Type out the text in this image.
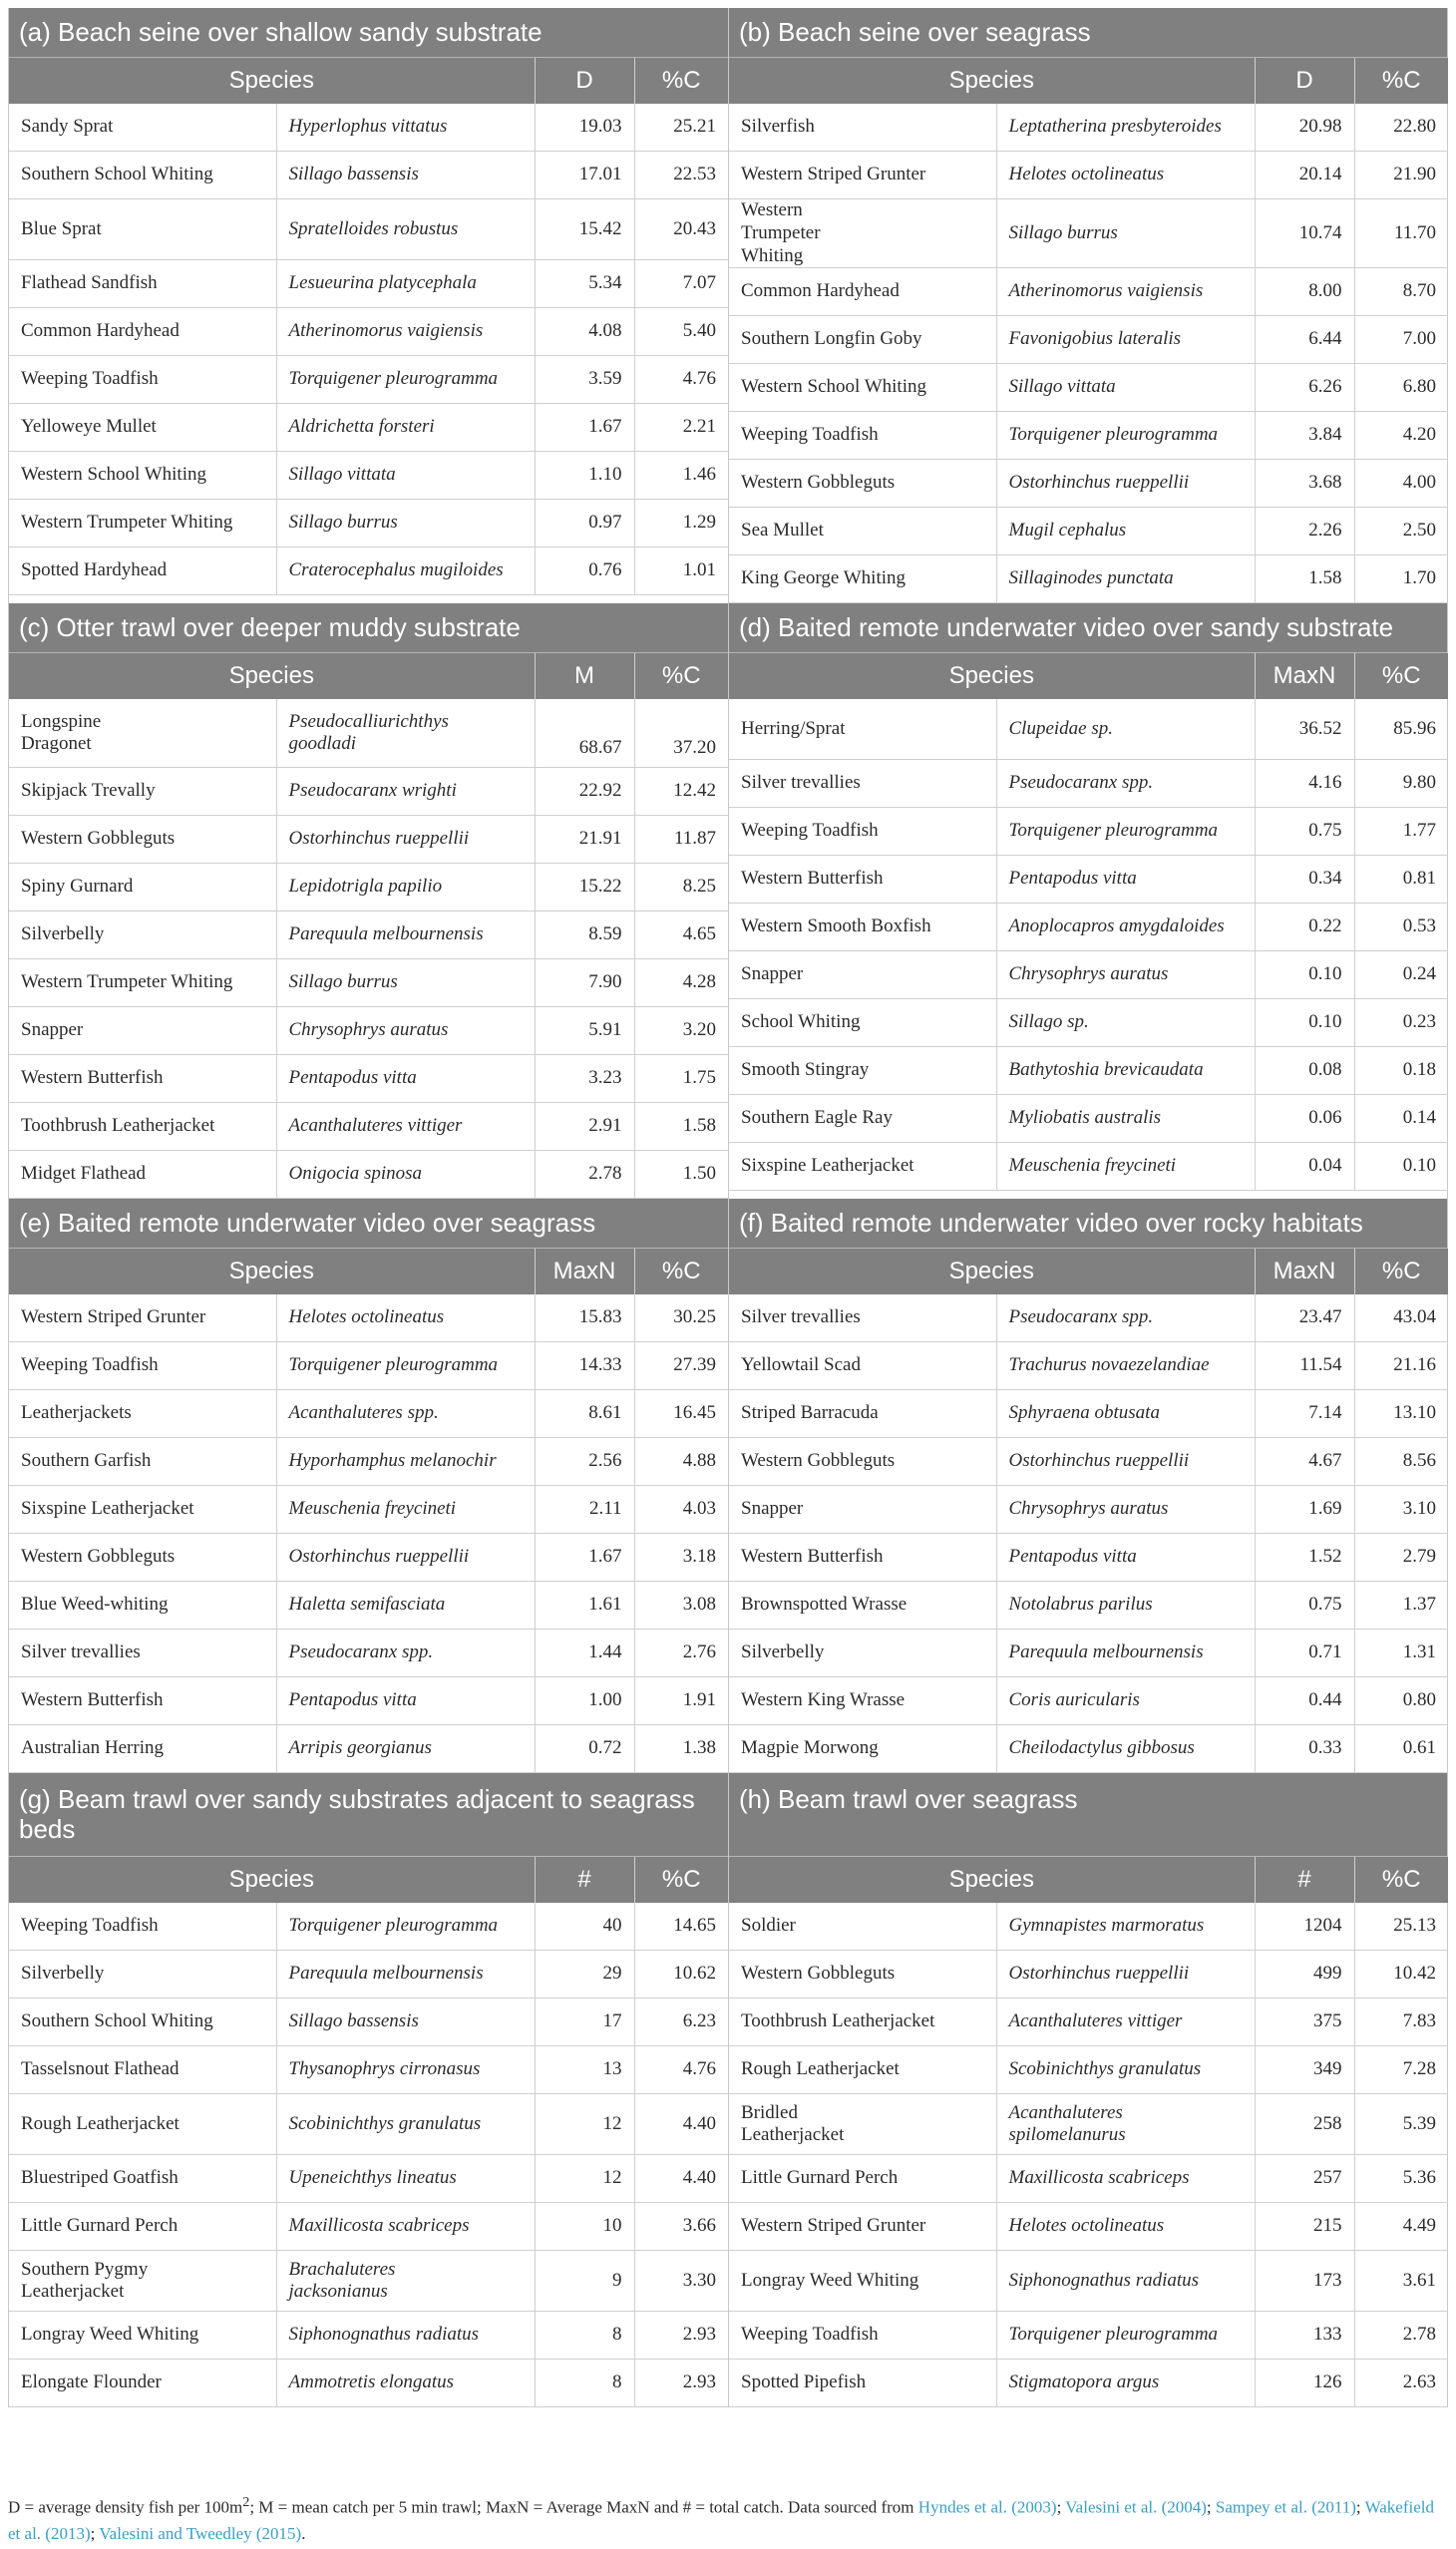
(a) Beach seine over shallow sandy substrate
Species		D	%C
Sandy Sprat	Hyperlophus vittatus	19.03	25.21
Southern School Whiting	Sillago bassensis	17.01	22.53
Blue Sprat	Spratelloides robustus	15.42	20.43
Flathead Sandfish	Lesueurina platycephala	5.34	7.07
Common Hardyhead	Atherinomorus vaigiensis	4.08	5.40
Weeping Toadfish	Torquigener pleurogramma	3.59	4.76
Yelloweye Mullet	Aldrichetta forsteri	1.67	2.21
Western School Whiting	Sillago vittata	1.10	1.46
Western Trumpeter Whiting	Sillago burrus	0.97	1.29
Spotted Hardyhead	Craterocephalus mugiloides	0.76	1.01
(b) Beach seine over seagrass
Species		D	%C
Silverfish	Leptatherina presbyteroides	20.98	22.80
Western Striped Grunter	Helotes octolineatus	20.14	21.90
Western Trumpeter Whiting	Sillago burrus	10.74	11.70
Common Hardyhead	Atherinomorus vaigiensis	8.00	8.70
Southern Longfin Goby	Favonigobius lateralis	6.44	7.00
Western School Whiting	Sillago vittata	6.26	6.80
Weeping Toadfish	Torquigener pleurogramma	3.84	4.20
Western Gobbleguts	Ostorhinchus rueppellii	3.68	4.00
Sea Mullet	Mugil cephalus	2.26	2.50
King George Whiting	Sillaginodes punctata	1.58	1.70
(c) Otter trawl over deeper muddy substrate
Species		M	%C
Longspine Dragonet	Pseudocalliurichthys goodladi	68.67	37.20
Skipjack Trevally	Pseudocaranx wrighti	22.92	12.42
Western Gobbleguts	Ostorhinchus rueppellii	21.91	11.87
Spiny Gurnard	Lepidotrigla papilio	15.22	8.25
Silverbelly	Parequula melbournensis	8.59	4.65
Western Trumpeter Whiting	Sillago burrus	7.90	4.28
Snapper	Chrysophrys auratus	5.91	3.20
Western Butterfish	Pentapodus vitta	3.23	1.75
Toothbrush Leatherjacket	Acanthaluteres vittiger	2.91	1.58
Midget Flathead	Onigocia spinosa	2.78	1.50
(d) Baited remote underwater video over sandy substrate
Species		MaxN	%C
Herring/Sprat	Clupeidae sp.	36.52	85.96
Silver trevallies	Pseudocaranx spp.	4.16	9.80
Weeping Toadfish	Torquigener pleurogramma	0.75	1.77
Western Butterfish	Pentapodus vitta	0.34	0.81
Western Smooth Boxfish	Anoplocapros amygdaloides	0.22	0.53
Snapper	Chrysophrys auratus	0.10	0.24
School Whiting	Sillago sp.	0.10	0.23
Smooth Stingray	Bathytoshia brevicaudata	0.08	0.18
Southern Eagle Ray	Myliobatis australis	0.06	0.14
Sixspine Leatherjacket	Meuschenia freycineti	0.04	0.10
(e) Baited remote underwater video over seagrass
Species		MaxN	%C
Western Striped Grunter	Helotes octolineatus	15.83	30.25
Weeping Toadfish	Torquigener pleurogramma	14.33	27.39
Leatherjackets	Acanthaluteres spp.	8.61	16.45
Southern Garfish	Hyporhamphus melanochir	2.56	4.88
Sixspine Leatherjacket	Meuschenia freycineti	2.11	4.03
Western Gobbleguts	Ostorhinchus rueppellii	1.67	3.18
Blue Weed-whiting	Haletta semifasciata	1.61	3.08
Silver trevallies	Pseudocaranx spp.	1.44	2.76
Western Butterfish	Pentapodus vitta	1.00	1.91
Australian Herring	Arripis georgianus	0.72	1.38
(f) Baited remote underwater video over rocky habitats
Species		MaxN	%C
Silver trevallies	Pseudocaranx spp.	23.47	43.04
Yellowtail Scad	Trachurus novaezelandiae	11.54	21.16
Striped Barracuda	Sphyraena obtusata	7.14	13.10
Western Gobbleguts	Ostorhinchus rueppellii	4.67	8.56
Snapper	Chrysophrys auratus	1.69	3.10
Western Butterfish	Pentapodus vitta	1.52	2.79
Brownspotted Wrasse	Notolabrus parilus	0.75	1.37
Silverbelly	Parequula melbournensis	0.71	1.31
Western King Wrasse	Coris auricularis	0.44	0.80
Magpie Morwong	Cheilodactylus gibbosus	0.33	0.61
(g) Beam trawl over sandy substrates adjacent to seagrass beds
Species		#	%C
Weeping Toadfish	Torquigener pleurogramma	40	14.65
Silverbelly	Parequula melbournensis	29	10.62
Southern School Whiting	Sillago bassensis	17	6.23
Tasselsnout Flathead	Thysanophrys cirronasus	13	4.76
Rough Leatherjacket	Scobinichthys granulatus	12	4.40
Bluestriped Goatfish	Upeneichthys lineatus	12	4.40
Little Gurnard Perch	Maxillicosta scabriceps	10	3.66
Southern Pygmy Leatherjacket	Brachaluteres jacksonianus	9	3.30
Longray Weed Whiting	Siphonognathus radiatus	8	2.93
Elongate Flounder	Ammotretis elongatus	8	2.93
(h) Beam trawl over seagrass
Species		#	%C
Soldier	Gymnapistes marmoratus	1204	25.13
Western Gobbleguts	Ostorhinchus rueppellii	499	10.42
Toothbrush Leatherjacket	Acanthaluteres vittiger	375	7.83
Rough Leatherjacket	Scobinichthys granulatus	349	7.28
Bridled Leatherjacket	Acanthaluteres spilomelanurus	258	5.39
Little Gurnard Perch	Maxillicosta scabriceps	257	5.36
Western Striped Grunter	Helotes octolineatus	215	4.49
Longray Weed Whiting	Siphonognathus radiatus	173	3.61
Weeping Toadfish	Torquigener pleurogramma	133	2.78
Spotted Pipefish	Stigmatopora argus	126	2.63
D = average density fish per $100m^2$; M = mean catch per 5 min trawl; MaxN = Average MaxN and # = total catch. Data sourced from Hyndes et al. (2003); Valesini et al. (2004); Sampey et al. (2011); Wakefield et al. (2013); Valesini and Tweedley (2015).
